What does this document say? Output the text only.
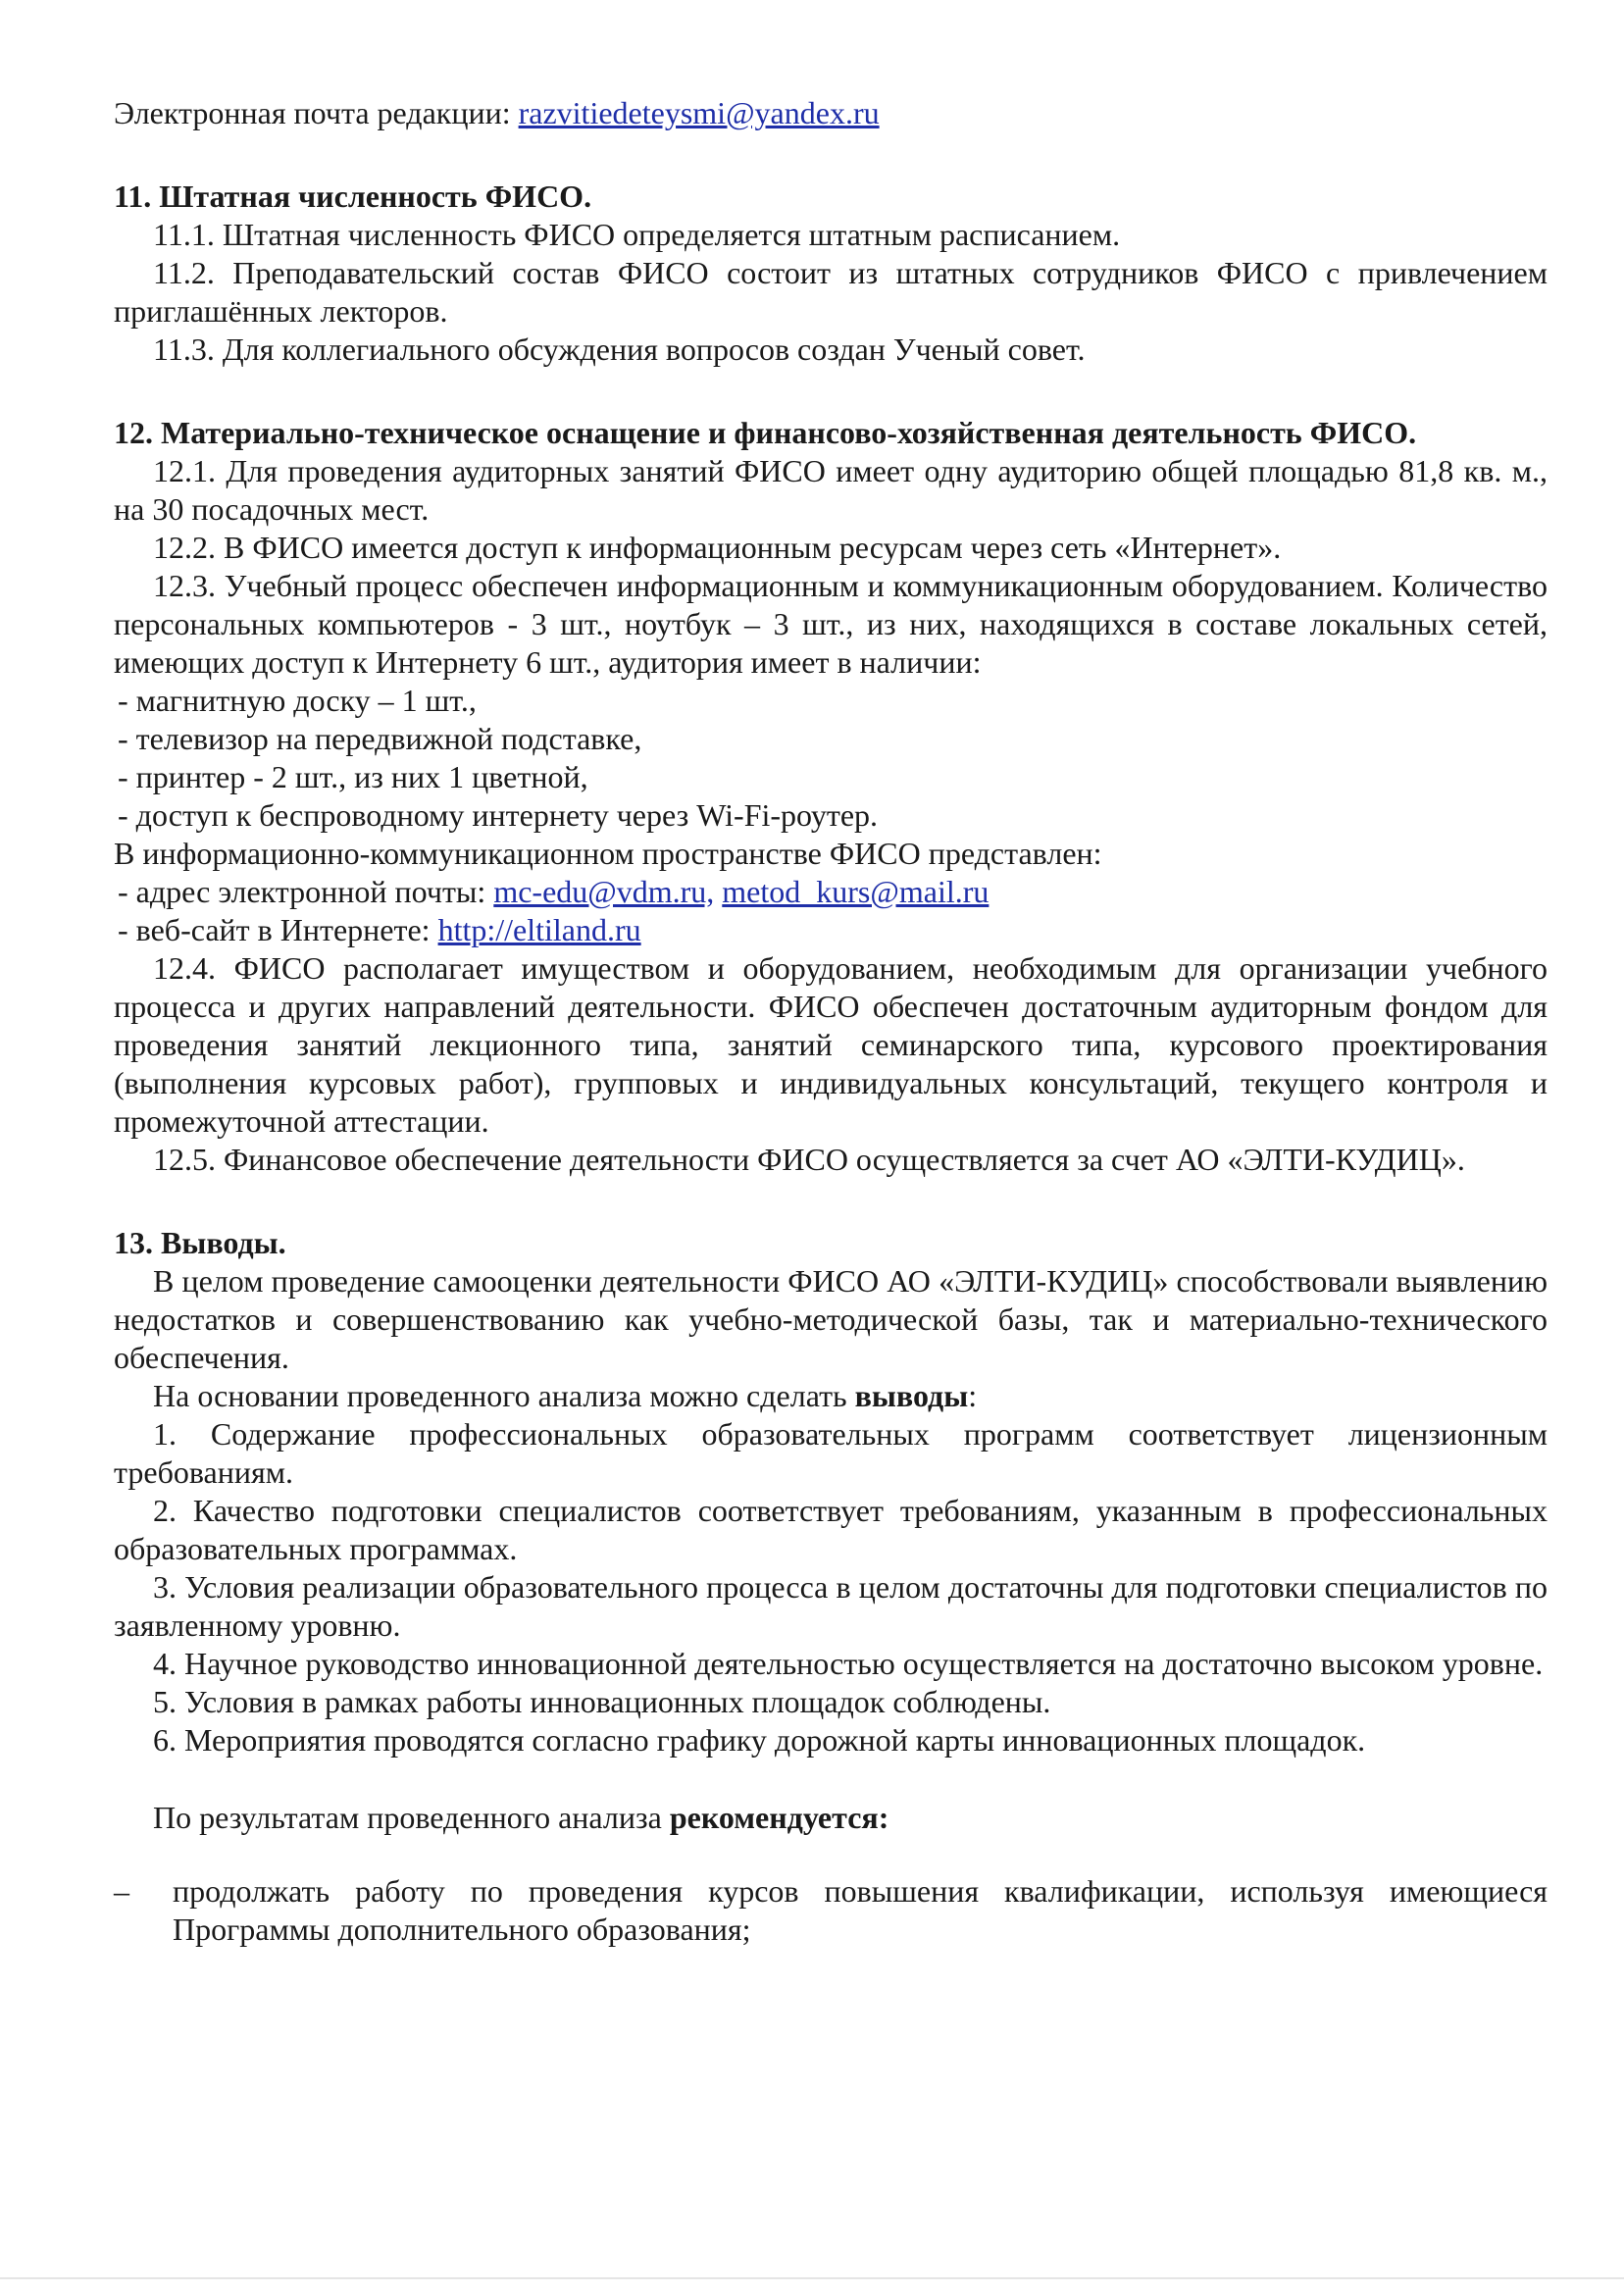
Электронная почта редакции: razvitiedeteysmi@yandex.ru

11. Штатная численность ФИСО.

11.1. Штатная численность ФИСО определяется штатным расписанием.

11.2. Преподавательский состав ФИСО состоит из штатных сотрудников ФИСО с привлечением приглашённых лекторов.

11.3. Для коллегиального обсуждения вопросов создан Ученый совет.

12. Материально-техническое оснащение и финансово-хозяйственная деятельность ФИСО.

12.1. Для проведения аудиторных занятий ФИСО имеет одну аудиторию общей площадью 81,8 кв. м., на 30 посадочных мест.

12.2. В ФИСО имеется доступ к информационным ресурсам через сеть «Интернет».

12.3. Учебный процесс обеспечен информационным и коммуникационным оборудованием. Количество персональных компьютеров - 3 шт., ноутбук – 3 шт., из них, находящихся в составе локальных сетей, имеющих доступ к Интернету 6 шт., аудитория имеет в наличии:

- магнитную доску – 1 шт.,

- телевизор на передвижной подставке,

- принтер - 2 шт., из них 1 цветной,

- доступ к беспроводному интернету через Wi-Fi-роутер.

В информационно-коммуникационном пространстве ФИСО представлен:

- адрес электронной почты: mc-edu@vdm.ru, metod_kurs@mail.ru

- веб-сайт в Интернете: http://eltiland.ru

12.4. ФИСО располагает имуществом и оборудованием, необходимым для организации учебного процесса и других направлений деятельности. ФИСО обеспечен достаточным аудиторным фондом для проведения занятий лекционного типа, занятий семинарского типа, курсового проектирования (выполнения курсовых работ), групповых и индивидуальных консультаций, текущего контроля и промежуточной аттестации.

12.5. Финансовое обеспечение деятельности ФИСО осуществляется за счет АО «ЭЛТИ-КУДИЦ».

13. Выводы.

В целом проведение самооценки деятельности ФИСО АО «ЭЛТИ-КУДИЦ» способствовали выявлению недостатков и совершенствованию как учебно-методической базы, так и материально-технического обеспечения.

На основании проведенного анализа можно сделать выводы:

1. Содержание профессиональных образовательных программ соответствует лицензионным требованиям.

2. Качество подготовки специалистов соответствует требованиям, указанным в профессиональных образовательных программах.

3. Условия реализации образовательного процесса в целом достаточны для подготовки специалистов по заявленному уровню.

4. Научное руководство инновационной деятельностью осуществляется на достаточно высоком уровне.

5. Условия в рамках работы инновационных площадок соблюдены.

6. Мероприятия проводятся согласно графику дорожной карты инновационных площадок.

По результатам проведенного анализа рекомендуется:

–	продолжать работу по проведения курсов повышения квалификации, используя имеющиеся Программы дополнительного образования;
